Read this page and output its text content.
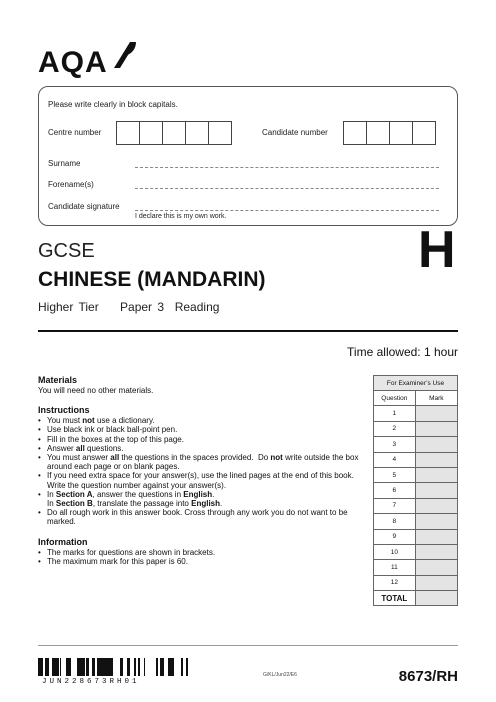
AQA
Please write clearly in block capitals.
Centre number	Candidate number
Surname
Forename(s)
Candidate signature
I declare this is my own work.
GCSE
CHINESE (MANDARIN)
Higher Tier    Paper 3  Reading
H
Time allowed: 1 hour
Materials
You will need no other materials.
Instructions
• You must not use a dictionary.
• Use black ink or black ball-point pen.
• Fill in the boxes at the top of this page.
• Answer all questions.
• You must answer all the questions in the spaces provided.  Do not write outside the box around each page or on blank pages.
• If you need extra space for your answer(s), use the lined pages at the end of this book. Write the question number against your answer(s).
• In Section A, answer the questions in English.
In Section B, translate the passage into English.
• Do all rough work in this answer book. Cross through any work you do not want to be marked.
Information
• The marks for questions are shown in brackets.
• The maximum mark for this paper is 60.
For Examiner’s Use	
Question	Mark
1	
2	
3	
4	
5	
6	
7	
8	
9	
10	
11	
12	
TOTAL	
JUN228673RH01
G/KL/Jun22/E6	8673/RH
